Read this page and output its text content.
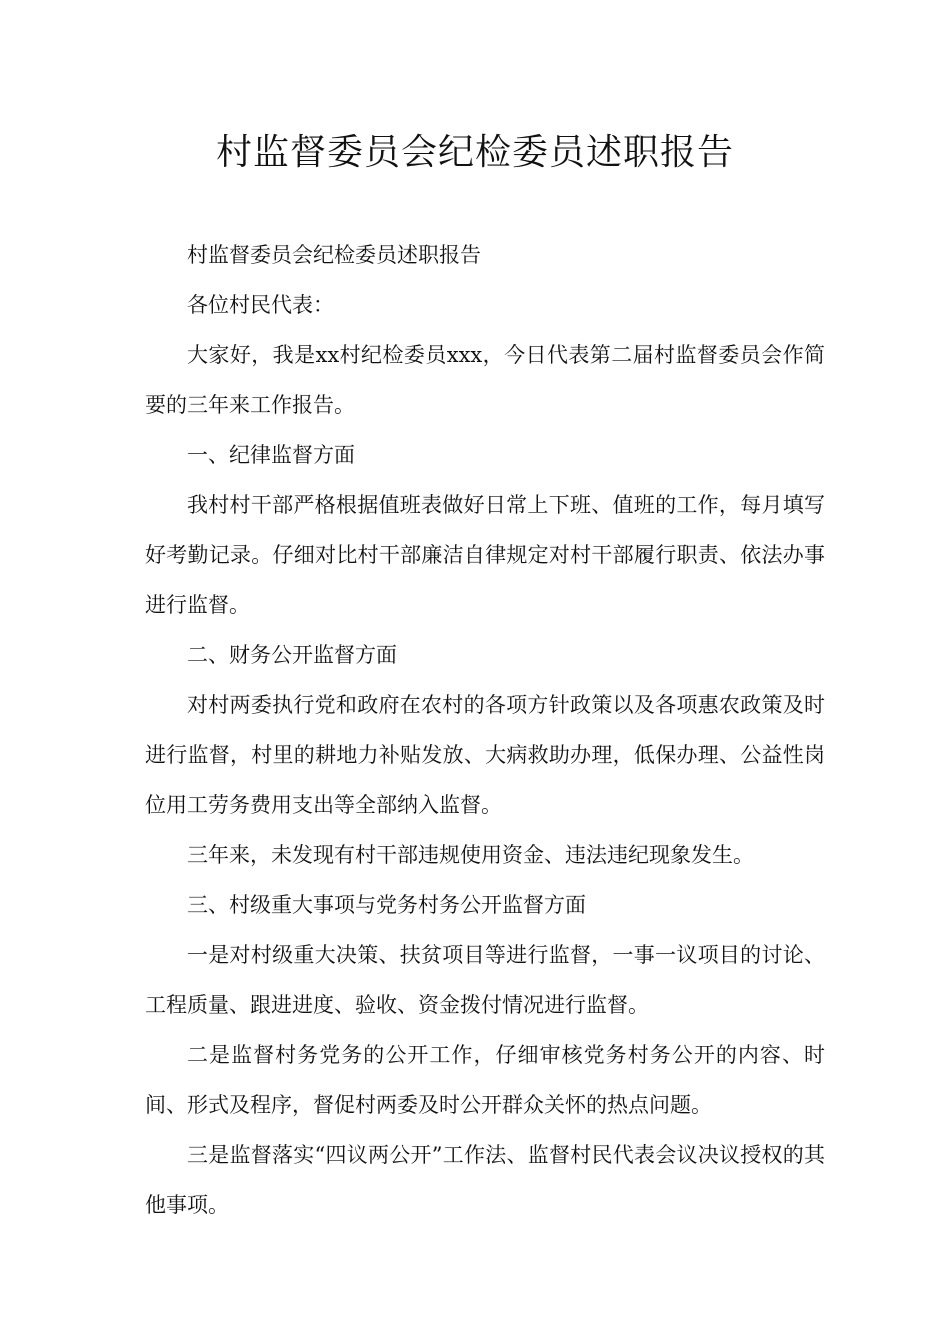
村监督委员会纪检委员述职报告

村监督委员会纪检委员述职报告

各位村民代表：

大家好，我是xx村纪检委员xxx，今日代表第二届村监督委员会作简要的三年来工作报告。

一、纪律监督方面

我村村干部严格根据值班表做好日常上下班、值班的工作，每月填写好考勤记录。仔细对比村干部廉洁自律规定对村干部履行职责、依法办事进行监督。

二、财务公开监督方面

对村两委执行党和政府在农村的各项方针政策以及各项惠农政策及时进行监督，村里的耕地力补贴发放、大病救助办理，低保办理、公益性岗位用工劳务费用支出等全部纳入监督。

三年来，未发现有村干部违规使用资金、违法违纪现象发生。

三、村级重大事项与党务村务公开监督方面

一是对村级重大决策、扶贫项目等进行监督，一事一议项目的讨论、工程质量、跟进进度、验收、资金拨付情况进行监督。

二是监督村务党务的公开工作，仔细审核党务村务公开的内容、时间、形式及程序，督促村两委及时公开群众关怀的热点问题。

三是监督落实“四议两公开”工作法、监督村民代表会议决议授权的其他事项。
